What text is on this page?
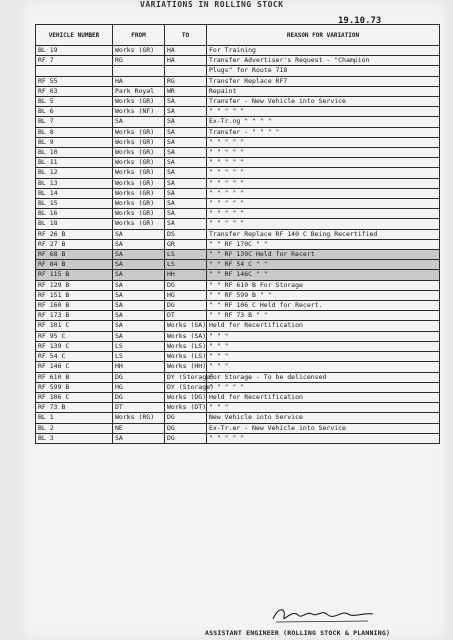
VARIATIONS IN ROLLING STOCK
19.10.73
VEHICLE NUMBER	FROM	TO	REASON FOR VARIATION
BL 19	Works (GR)	HA	For Training
RF 7	RG	HA	Transfer Advertiser's Request - "Champion
			Plugs" for Route 718
RF 55	HA	RG	Transfer Replace RF7
RF 63	Park Royal	WR	Repaint
BL 5	Works (GR)	SA	Transfer - New Vehicle into Service
BL 6	Works (NF)	SA	" " " " "
BL 7	SA	SA	Ex-Tr.ng " " " "
BL 8	Works (GR)	SA	Transfer - " " " "
BL 9	Works (GR)	SA	" " " " "
BL 10	Works (GR)	SA	" " " " "
BL 11	Works (GR)	SA	" " " " "
BL 12	Works (GR)	SA	" " " " "
BL 13	Works (GR)	SA	" " " " "
BL 14	Works (GR)	SA	" " " " "
BL 15	Works (GR)	SA	" " " " "
BL 16	Works (GR)	SA	" " " " "
BL 18	Works (GR)	SA	" " " " "
RF 26 B	SA	DS	Transfer Replace RF 140 C Being Recertified
RF 27 B	SA	GR	" " RF 170C " "
RF 68 B	SA	LS	" " RF 139C Held for Recert
RF 84 B	SA	LS	" " RF 54 C " "
RF 115 B	SA	HH	" " RF 146C " "
RF 129 B	SA	DG	" " RF 610 B For Storage
RF 151 B	SA	HG	" " RF 599 B " "
RF 160 B	SA	DG	" " RF 106 C Held for Recert.
RF 173 B	SA	DT	" " RF 73 B " "
RF 101 C	SA	Works (SA)	Held for Recertification
RF 95 C	SA	Works (SA)	" " "
RF 139 C	LS	Works (LS)	" " "
RF 54 C	LS	Works (LS)	" " "
RF 146 C	HH	Works (HH)	" " "
RF 610 B	DG	DY (Storage)	For Storage - To be delicensed
RF 599 B	HG	DY (Storage)	" " " " "
RF 106 C	DG	Works (DG)	Held for Recertification
RF 73 B	DT	Works (DT)	" " "
BL 1	Works (RG)	DG	New Vehicle into Service
BL 2	NE	DG	Ex-Tr.er - New Vehicle into Service
BL 3	SA	DG	" " " " "
ASSISTANT ENGINEER (ROLLING STOCK & PLANNING)
